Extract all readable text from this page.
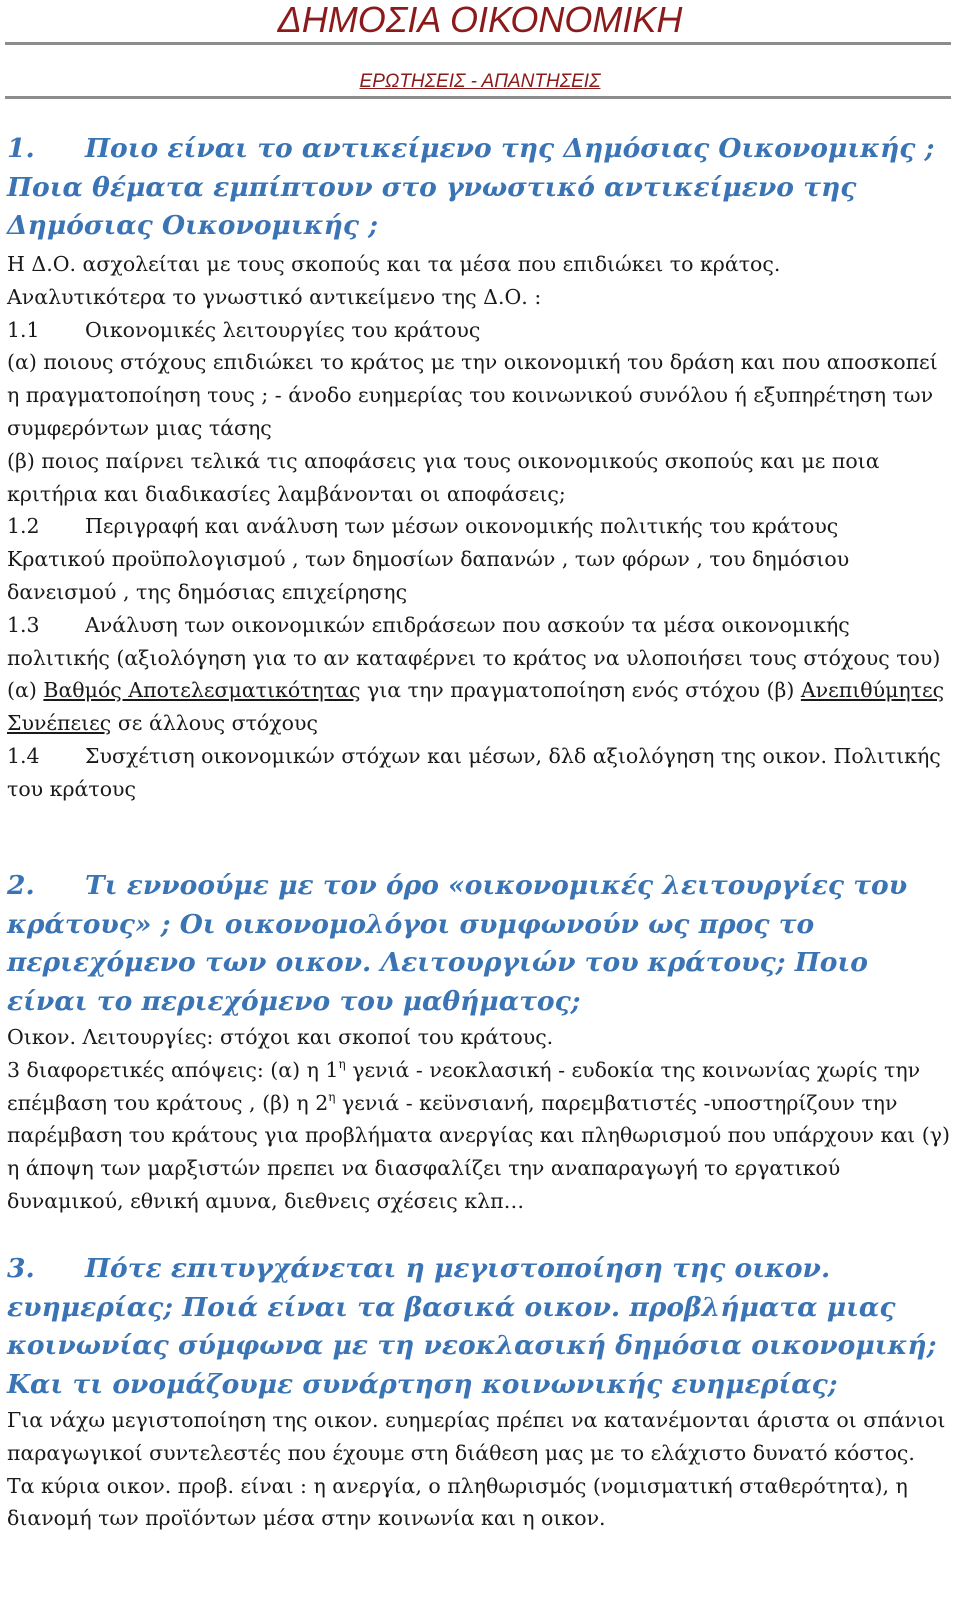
ΔΗΜΟΣΙΑ ΟΙΚΟΝΟΜΙΚΗ
ΕΡΩΤΗΣΕΙΣ - ΑΠΑΝΤΗΣΕΙΣ
1. Ποιο είναι το αντικείμενο της Δημόσιας Οικονομικής ; Ποια θέματα εμπίπτουν στο γνωστικό αντικείμενο της Δημόσιας Οικονομικής ;

Η Δ.Ο. ασχολείται με τους σκοπούς και τα μέσα που επιδιώκει το κράτος.

Αναλυτικότερα το γνωστικό αντικείμενο της Δ.Ο. :

1.1 Οικονομικές λειτουργίες του κράτους

(α) ποιους στόχους επιδιώκει το κράτος με την οικονομική του δράση και που αποσκοπεί η πραγματοποίηση τους ; - άνοδο ευημερίας του κοινωνικού συνόλου ή εξυπηρέτηση των συμφερόντων μιας τάσης

(β) ποιος παίρνει τελικά τις αποφάσεις για τους οικονομικούς σκοπούς και με ποια κριτήρια και διαδικασίες λαμβάνονται οι αποφάσεις;

1.2 Περιγραφή και ανάλυση των μέσων οικονομικής πολιτικής του κράτους

Κρατικού προϋπολογισμού , των δημοσίων δαπανών , των φόρων , του δημόσιου δανεισμού , της δημόσιας επιχείρησης

1.3 Ανάλυση των οικονομικών επιδράσεων που ασκούν τα μέσα οικονομικής πολιτικής (αξιολόγηση για το αν καταφέρνει το κράτος να υλοποιήσει τους στόχους του)

(α) Βαθμός Αποτελεσματικότητας για την πραγματοποίηση ενός στόχου (β) Ανεπιθύμητες Συνέπειες σε άλλους στόχους

1.4 Συσχέτιση οικονομικών στόχων και μέσων, δλδ αξιολόγηση της οικον. Πολιτικής του κράτους

2. Τι εννοούμε με τον όρο «οικονομικές λειτουργίες του κράτους» ; Οι οικονομολόγοι συμφωνούν ως προς το περιεχόμενο των οικον. Λειτουργιών του κράτους; Ποιο είναι το περιεχόμενο του μαθήματος;

Οικον. Λειτουργίες: στόχοι και σκοποί του κράτους.

3 διαφορετικές απόψεις: (α) η $1^\eta$ γενιά - νεοκλασική - ευδοκία της κοινωνίας χωρίς την επέμβαση του κράτους , (β) η $2^\eta$ γενιά - κεϋνσιανή, παρεμβατιστές -υποστηρίζουν την παρέμβαση του κράτους για προβλήματα ανεργίας και πληθωρισμού που υπάρχουν και (γ) η άποψη των μαρξιστών πρεπει να διασφαλίζει την αναπαραγωγή το εργατικού δυναμικού, εθνική αμυνα, διεθνεις σχέσεις κλπ…

3. Πότε επιτυγχάνεται η μεγιστοποίηση της οικον. ευημερίας; Ποιά είναι τα βασικά οικον. προβλήματα μιας κοινωνίας σύμφωνα με τη νεοκλασική δημόσια οικονομική; Και τι ονομάζουμε συνάρτηση κοινωνικής ευημερίας;

Για νάχω μεγιστοποίηση της οικον. ευημερίας πρέπει να κατανέμονται άριστα οι σπάνιοι παραγωγικοί συντελεστές που έχουμε στη διάθεση μας με το ελάχιστο δυνατό κόστος.

Τα κύρια οικον. προβ. είναι : η ανεργία, ο πληθωρισμός (νομισματική σταθερότητα), η διανομή των προϊόντων μέσα στην κοινωνία και η οικον.
